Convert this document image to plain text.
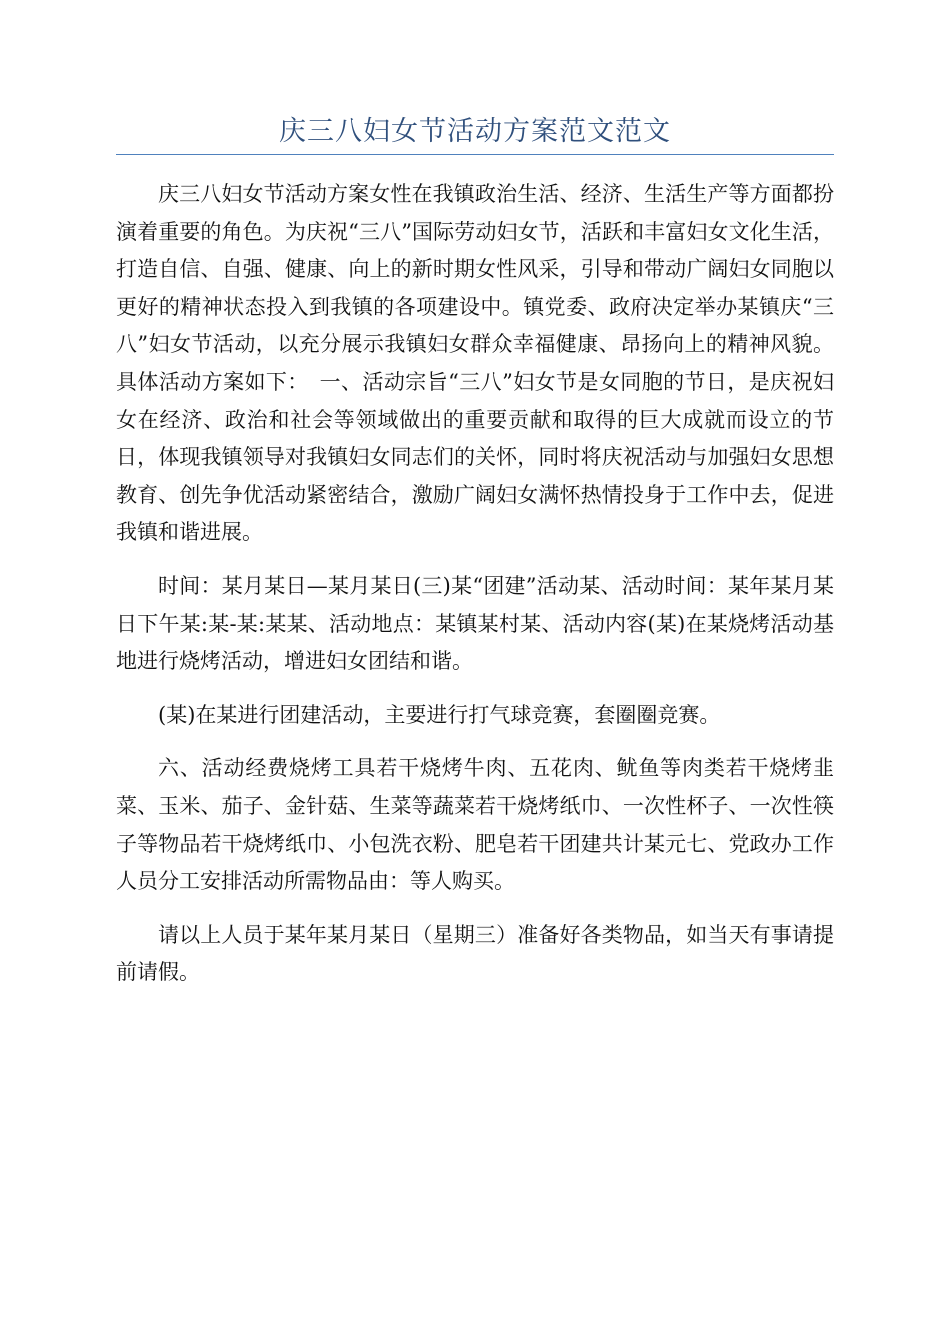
庆三八妇女节活动方案范文范文

庆三八妇女节活动方案女性在我镇政治生活、经济、生活生产等方面都扮演着重要的角色。为庆祝“三八”国际劳动妇女节，活跃和丰富妇女文化生活，打造自信、自强、健康、向上的新时期女性风采，引导和带动广阔妇女同胞以更好的精神状态投入到我镇的各项建设中。镇党委、政府决定举办某镇庆“三八”妇女节活动，以充分展示我镇妇女群众幸福健康、昂扬向上的精神风貌。具体活动方案如下：　一、活动宗旨“三八”妇女节是女同胞的节日，是庆祝妇女在经济、政治和社会等领域做出的重要贡献和取得的巨大成就而设立的节日，体现我镇领导对我镇妇女同志们的关怀，同时将庆祝活动与加强妇女思想教育、创先争优活动紧密结合，激励广阔妇女满怀热情投身于工作中去，促进我镇和谐进展。

时间：某月某日—某月某日(三)某“团建”活动某、活动时间：某年某月某日下午某:某-某:某某、活动地点：某镇某村某、活动内容(某)在某烧烤活动基地进行烧烤活动，增进妇女团结和谐。

(某)在某进行团建活动，主要进行打气球竞赛，套圈圈竞赛。

六、活动经费烧烤工具若干烧烤牛肉、五花肉、鱿鱼等肉类若干烧烤韭菜、玉米、茄子、金针菇、生菜等蔬菜若干烧烤纸巾、一次性杯子、一次性筷子等物品若干烧烤纸巾、小包洗衣粉、肥皂若干团建共计某元七、党政办工作人员分工安排活动所需物品由：等人购买。

请以上人员于某年某月某日（星期三）准备好各类物品，如当天有事请提前请假。
